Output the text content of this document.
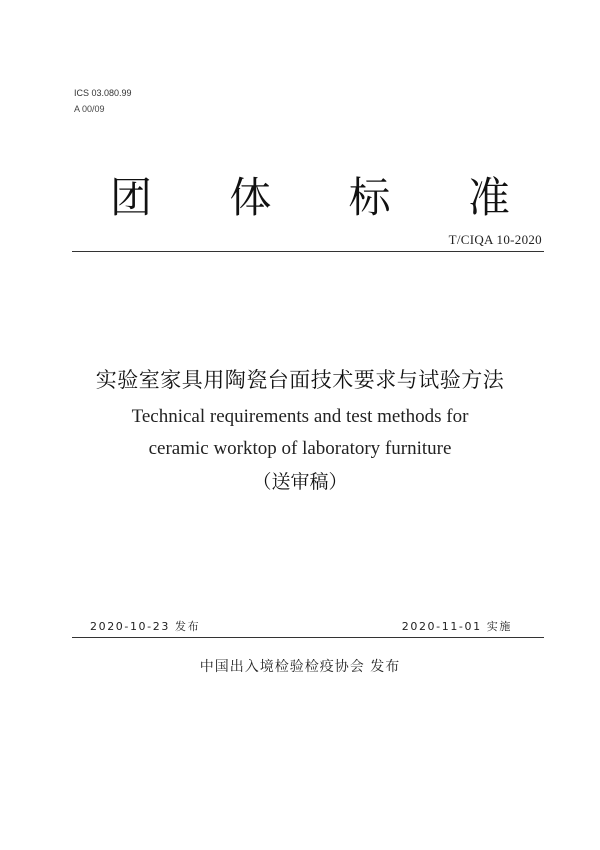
ICS 03.080.99
A 00/09
团 体 标 准
T/CIQA 10-2020
实验室家具用陶瓷台面技术要求与试验方法
Technical requirements and test methods for
ceramic worktop of laboratory furniture
（送审稿）
2020-10-23 发布	2020-11-01 实施
中国出入境检验检疫协会 发布
